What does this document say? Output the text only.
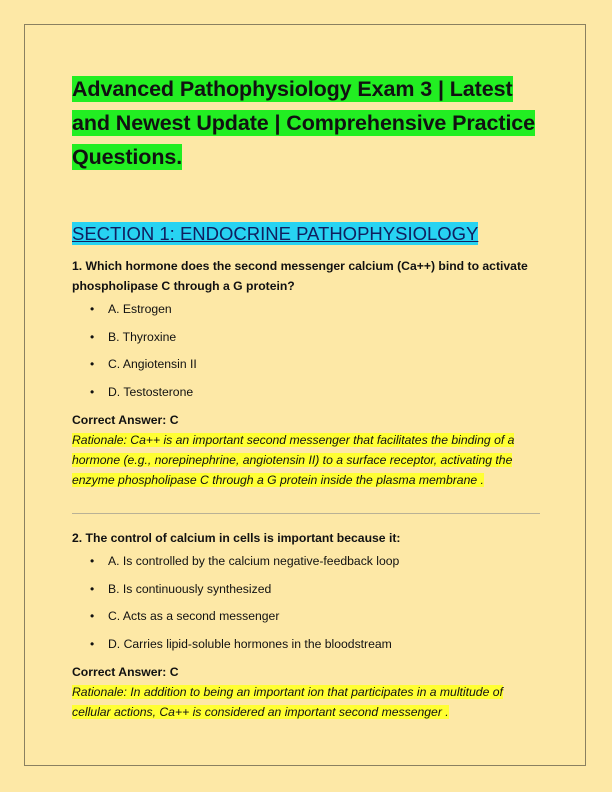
Advanced Pathophysiology Exam 3 | Latest and Newest Update | Comprehensive Practice Questions.
SECTION 1: ENDOCRINE PATHOPHYSIOLOGY

1. Which hormone does the second messenger calcium (Ca++) bind to activate phospholipase C through a G protein?

• A. Estrogen
• B. Thyroxine
• C. Angiotensin II
• D. Testosterone

Correct Answer: C

Rationale: Ca++ is an important second messenger that facilitates the binding of a hormone (e.g., norepinephrine, angiotensin II) to a surface receptor, activating the enzyme phospholipase C through a G protein inside the plasma membrane .

2. The control of calcium in cells is important because it:

• A. Is controlled by the calcium negative-feedback loop
• B. Is continuously synthesized
• C. Acts as a second messenger
• D. Carries lipid-soluble hormones in the bloodstream

Correct Answer: C

Rationale: In addition to being an important ion that participates in a multitude of cellular actions, Ca++ is considered an important second messenger .
